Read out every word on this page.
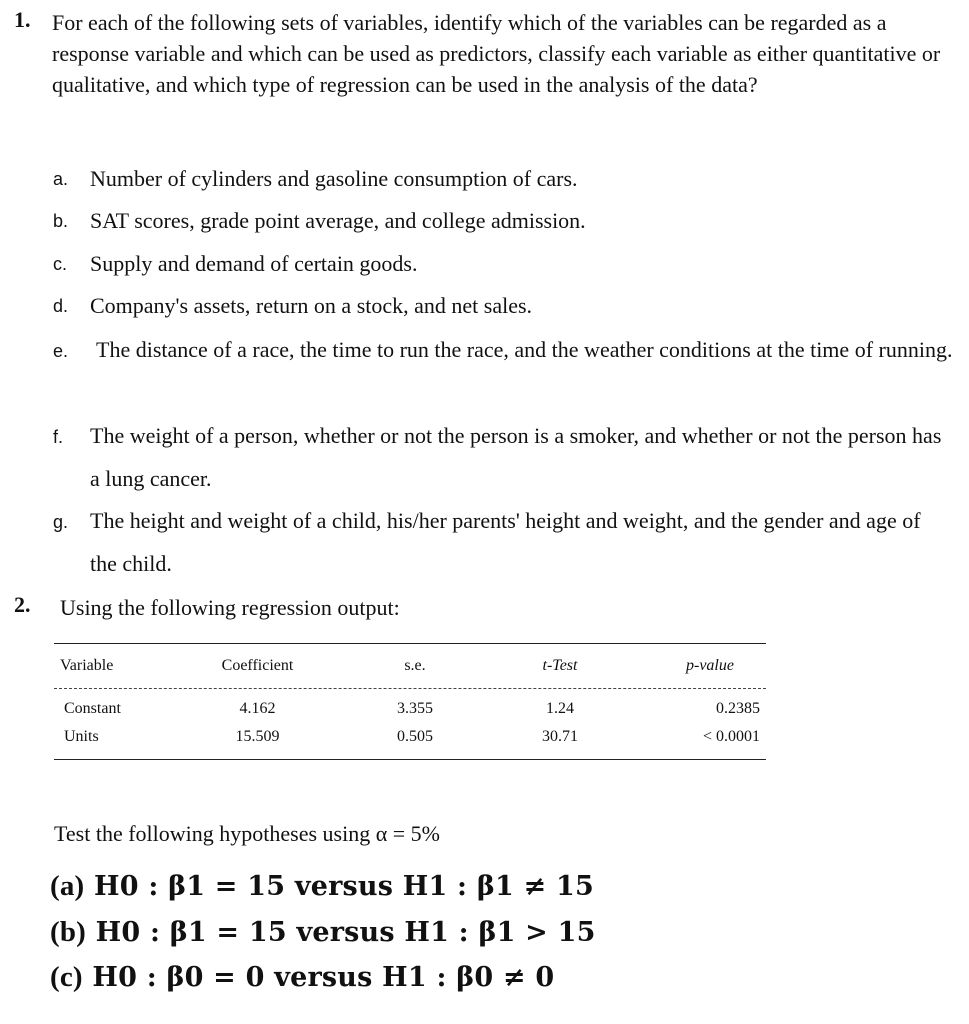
1. For each of the following sets of variables, identify which of the variables can be regarded as a response variable and which can be used as predictors, classify each variable as either quantitative or qualitative, and which type of regression can be used in the analysis of the data?
a. Number of cylinders and gasoline consumption of cars.
b. SAT scores, grade point average, and college admission.
c. Supply and demand of certain goods.
d. Company's assets, return on a stock, and net sales.
e. The distance of a race, the time to run the race, and the weather conditions at the time of running.
f. The weight of a person, whether or not the person is a smoker, and whether or not the person has a lung cancer.
g. The height and weight of a child, his/her parents' height and weight, and the gender and age of the child.
2. Using the following regression output:
Variable	Coefficient	s.e.	t-Test	p-value
Constant	4.162	3.355	1.24	0.2385
Units	15.509	0.505	30.71	< 0.0001
Test the following hypotheses using α = 5%
(a) H0 : β1 = 15 versus H1 : β1 ≠ 15
(b) H0 : β1 = 15 versus H1 : β1 > 15
(c) H0 : β0 = 0 versus H1 : β0 ≠ 0
